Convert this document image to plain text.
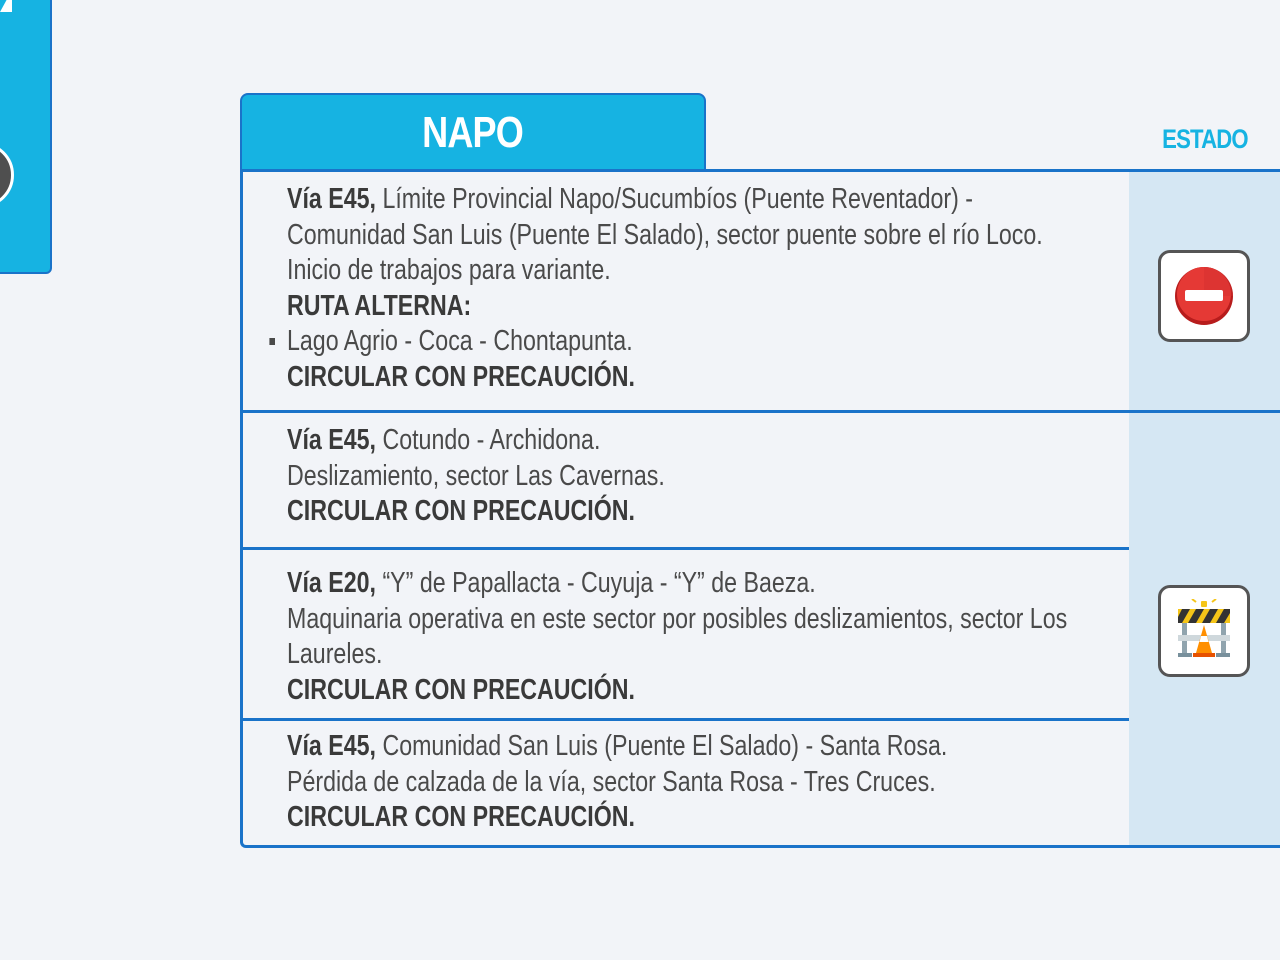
NAPO	ESTADO
Vía E45, Límite Provincial Napo/Sucumbíos (Puente Reventador) -
Comunidad San Luis (Puente El Salado), sector puente sobre el río Loco.
Inicio de trabajos para variante.
RUTA ALTERNA:
Lago Agrio - Coca - Chontapunta.
CIRCULAR CON PRECAUCIÓN.
Vía E45, Cotundo - Archidona.
Deslizamiento, sector Las Cavernas.
CIRCULAR CON PRECAUCIÓN.
Vía E20, “Y” de Papallacta - Cuyuja - “Y” de Baeza.
Maquinaria operativa en este sector por posibles deslizamientos, sector Los
Laureles.
CIRCULAR CON PRECAUCIÓN.
Vía E45, Comunidad San Luis (Puente El Salado) - Santa Rosa.
Pérdida de calzada de la vía, sector Santa Rosa - Tres Cruces.
CIRCULAR CON PRECAUCIÓN.
